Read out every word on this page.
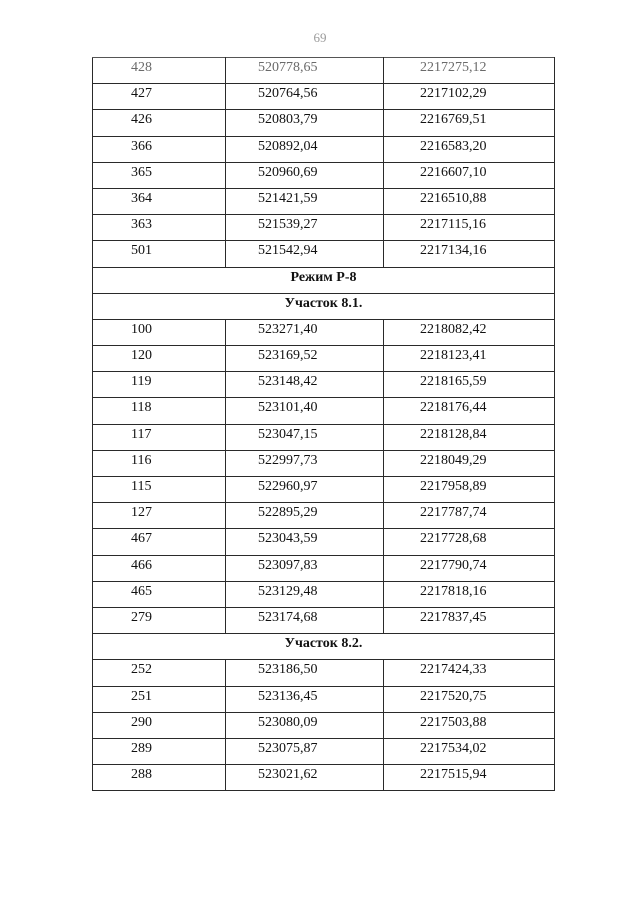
69
428	520778,65	2217275,12
427	520764,56	2217102,29
426	520803,79	2216769,51
366	520892,04	2216583,20
365	520960,69	2216607,10
364	521421,59	2216510,88
363	521539,27	2217115,16
501	521542,94	2217134,16
Режим Р-8		
Участок 8.1.		
100	523271,40	2218082,42
120	523169,52	2218123,41
119	523148,42	2218165,59
118	523101,40	2218176,44
117	523047,15	2218128,84
116	522997,73	2218049,29
115	522960,97	2217958,89
127	522895,29	2217787,74
467	523043,59	2217728,68
466	523097,83	2217790,74
465	523129,48	2217818,16
279	523174,68	2217837,45
Участок 8.2.		
252	523186,50	2217424,33
251	523136,45	2217520,75
290	523080,09	2217503,88
289	523075,87	2217534,02
288	523021,62	2217515,94
